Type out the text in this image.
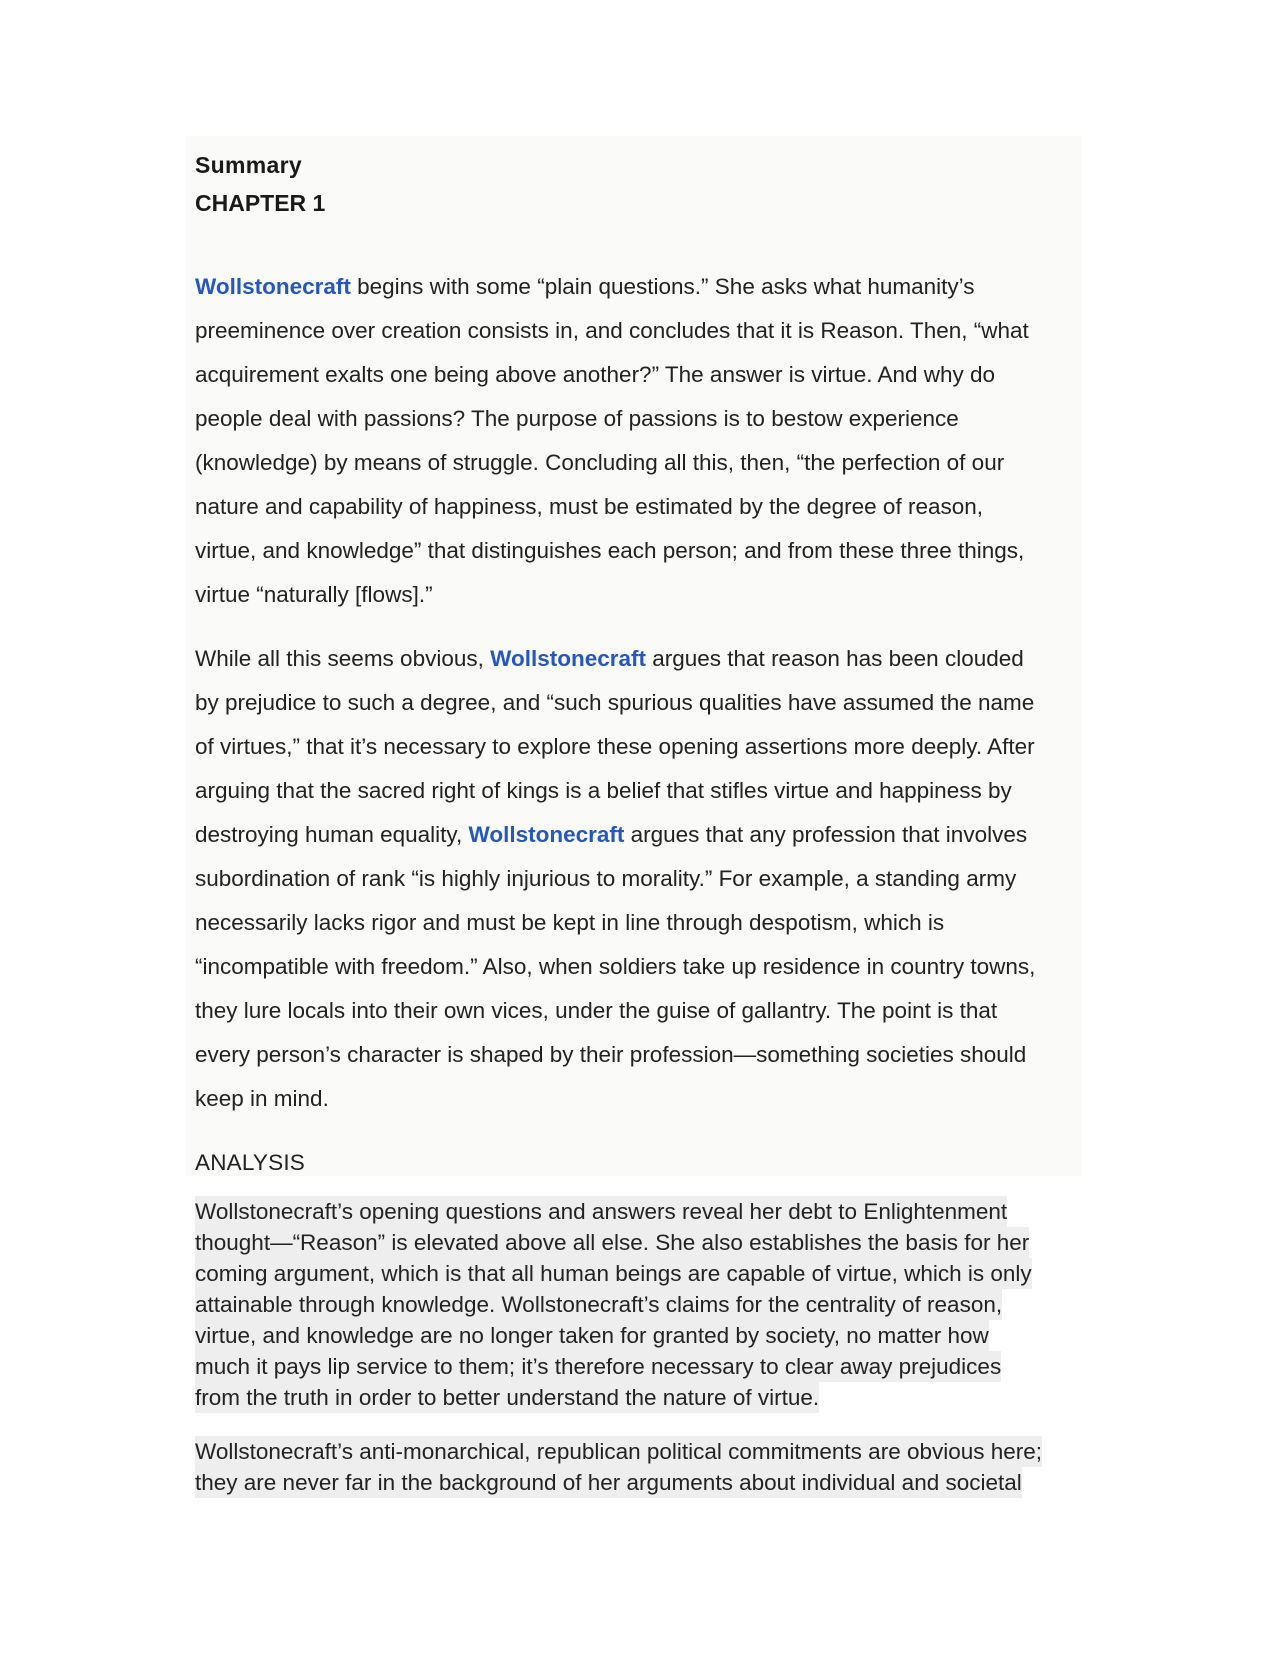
Summary
CHAPTER 1

Wollstonecraft begins with some “plain questions.” She asks what humanity’s
preeminence over creation consists in, and concludes that it is Reason. Then, “what
acquirement exalts one being above another?” The answer is virtue. And why do
people deal with passions? The purpose of passions is to bestow experience
(knowledge) by means of struggle. Concluding all this, then, “the perfection of our
nature and capability of happiness, must be estimated by the degree of reason,
virtue, and knowledge” that distinguishes each person; and from these three things,
virtue “naturally [flows].”

While all this seems obvious, Wollstonecraft argues that reason has been clouded
by prejudice to such a degree, and “such spurious qualities have assumed the name
of virtues,” that it’s necessary to explore these opening assertions more deeply. After
arguing that the sacred right of kings is a belief that stifles virtue and happiness by
destroying human equality, Wollstonecraft argues that any profession that involves
subordination of rank “is highly injurious to morality.” For example, a standing army
necessarily lacks rigor and must be kept in line through despotism, which is
“incompatible with freedom.” Also, when soldiers take up residence in country towns,
they lure locals into their own vices, under the guise of gallantry. The point is that
every person’s character is shaped by their profession—something societies should
keep in mind.

ANALYSIS

Wollstonecraft’s opening questions and answers reveal her debt to Enlightenment
thought—“Reason” is elevated above all else. She also establishes the basis for her
coming argument, which is that all human beings are capable of virtue, which is only
attainable through knowledge. Wollstonecraft’s claims for the centrality of reason,
virtue, and knowledge are no longer taken for granted by society, no matter how
much it pays lip service to them; it’s therefore necessary to clear away prejudices
from the truth in order to better understand the nature of virtue.

Wollstonecraft’s anti-monarchical, republican political commitments are obvious here;
they are never far in the background of her arguments about individual and societal
